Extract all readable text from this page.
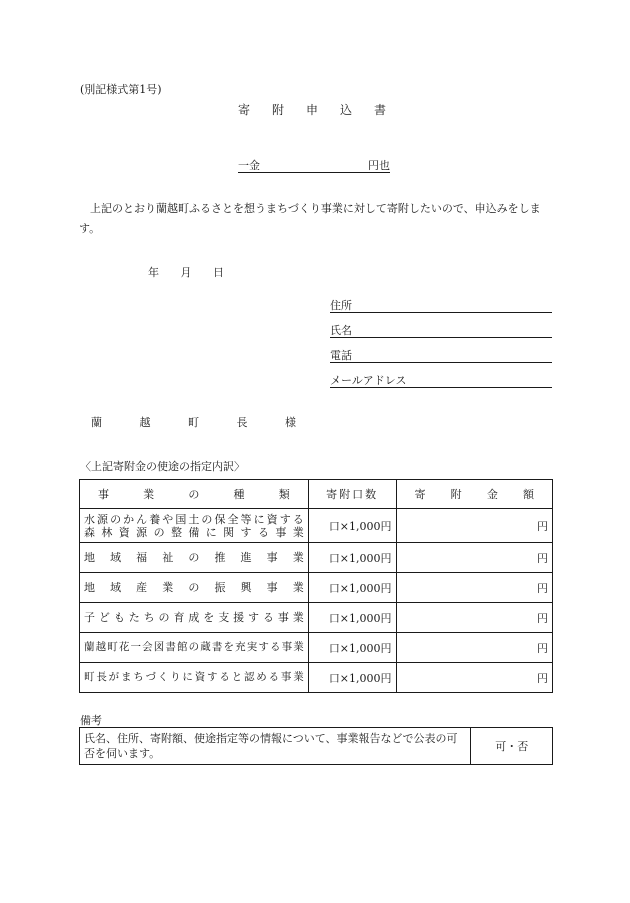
(別記様式第1号)
寄附申込書
一金	円也
上記のとおり蘭越町ふるさとを想うまちづくり事業に対して寄附したいので、申込みをします。
年 月 日
住所
氏名
電話
メールアドレス
蘭 越 町 長 様
〈上記寄附金の使途の指定内訳〉
事業の種類	寄附口数	寄附金額

水源のかん養や国土の保全等に資する
森林資源の整備に関する事業	口×1,000円	円
地域福祉の推進事業	口×1,000円	円
地域産業の振興事業	口×1,000円	円
子どもたちの育成を支援する事業	口×1,000円	円
蘭越町花一会図書館の蔵書を充実する事業	口×1,000円	円
町長がまちづくりに資すると認める事業	口×1,000円	円
備考
氏名、住所、寄附額、使途指定等の情報について、事業報告などで公表の可否を伺います。	可・否
